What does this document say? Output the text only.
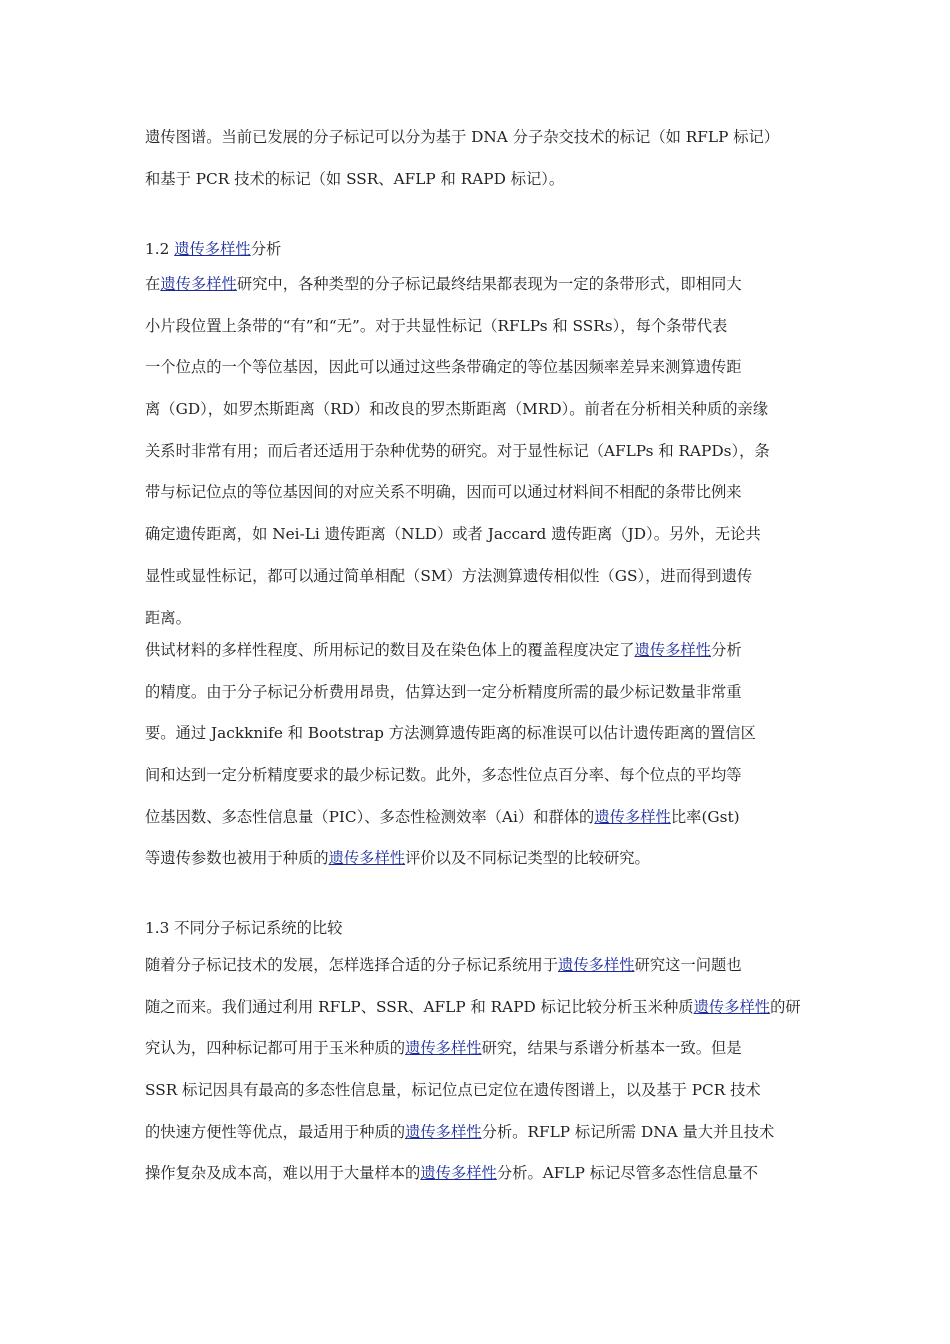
遗传图谱。当前已发展的分子标记可以分为基于 DNA 分子杂交技术的标记（如 RFLP 标记）
和基于 PCR 技术的标记（如 SSR、AFLP 和 RAPD 标记）。
1.2 遗传多样性分析
在遗传多样性研究中，各种类型的分子标记最终结果都表现为一定的条带形式，即相同大
小片段位置上条带的“有”和“无”。对于共显性标记（RFLPs 和 SSRs），每个条带代表
一个位点的一个等位基因，因此可以通过这些条带确定的等位基因频率差异来测算遗传距
离（GD），如罗杰斯距离（RD）和改良的罗杰斯距离（MRD）。前者在分析相关种质的亲缘
关系时非常有用；而后者还适用于杂种优势的研究。对于显性标记（AFLPs 和 RAPDs），条
带与标记位点的等位基因间的对应关系不明确，因而可以通过材料间不相配的条带比例来
确定遗传距离，如 Nei-Li 遗传距离（NLD）或者 Jaccard 遗传距离（JD）。另外，无论共
显性或显性标记，都可以通过简单相配（SM）方法测算遗传相似性（GS），进而得到遗传
距离。
供试材料的多样性程度、所用标记的数目及在染色体上的覆盖程度决定了遗传多样性分析
的精度。由于分子标记分析费用昂贵，估算达到一定分析精度所需的最少标记数量非常重
要。通过 Jackknife 和 Bootstrap 方法测算遗传距离的标准误可以估计遗传距离的置信区
间和达到一定分析精度要求的最少标记数。此外，多态性位点百分率、每个位点的平均等
位基因数、多态性信息量（PIC）、多态性检测效率（Ai）和群体的遗传多样性比率(Gst)
等遗传参数也被用于种质的遗传多样性评价以及不同标记类型的比较研究。
1.3 不同分子标记系统的比较
随着分子标记技术的发展，怎样选择合适的分子标记系统用于遗传多样性研究这一问题也
随之而来。我们通过利用 RFLP、SSR、AFLP 和 RAPD 标记比较分析玉米种质遗传多样性的研
究认为，四种标记都可用于玉米种质的遗传多样性研究，结果与系谱分析基本一致。但是
SSR 标记因具有最高的多态性信息量，标记位点已定位在遗传图谱上，以及基于 PCR 技术
的快速方便性等优点，最适用于种质的遗传多样性分析。RFLP 标记所需 DNA 量大并且技术
操作复杂及成本高，难以用于大量样本的遗传多样性分析。AFLP 标记尽管多态性信息量不
